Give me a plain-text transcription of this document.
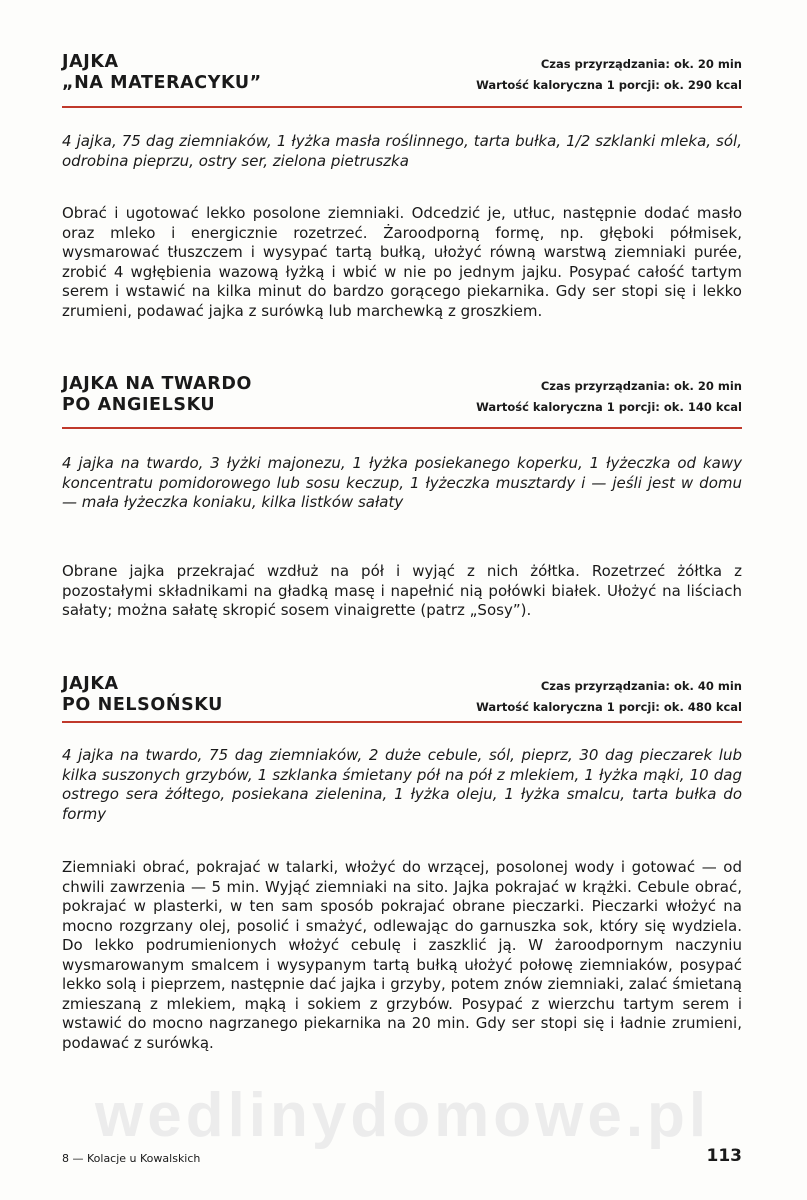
JAJKA
„NA MATERACYKU”
Czas przyrządzania: ok. 20 min
Wartość kaloryczna 1 porcji: ok. 290 kcal

4 jajka, 75 dag ziemniaków, 1 łyżka masła roślinnego, tarta bułka, 1/2 szklanki mleka, sól, odrobina pieprzu, ostry ser, zielona pietruszka

Obrać i ugotować lekko posolone ziemniaki. Odcedzić je, utłuc, następnie dodać masło oraz mleko i energicznie rozetrzeć. Żaroodporną formę, np. głęboki półmisek, wysmarować tłuszczem i wysypać tartą bułką, ułożyć równą warstwą ziemniaki purée, zrobić 4 wgłębienia wazową łyżką i wbić w nie po jednym jajku. Posypać całość tartym serem i wstawić na kilka minut do bardzo gorącego piekarnika. Gdy ser stopi się i lekko zrumieni, podawać jajka z surówką lub marchewką z groszkiem.

JAJKA NA TWARDO
PO ANGIELSKU
Czas przyrządzania: ok. 20 min
Wartość kaloryczna 1 porcji: ok. 140 kcal

4 jajka na twardo, 3 łyżki majonezu, 1 łyżka posiekanego koperku, 1 łyżeczka od kawy koncentratu pomidorowego lub sosu keczup, 1 łyżeczka musztardy i — jeśli jest w domu — mała łyżeczka koniaku, kilka listków sałaty

Obrane jajka przekrajać wzdłuż na pół i wyjąć z nich żółtka. Rozetrzeć żółtka z pozostałymi składnikami na gładką masę i napełnić nią połówki białek. Ułożyć na liściach sałaty; można sałatę skropić sosem vinaigrette (patrz „Sosy”).

JAJKA
PO NELSOŃSKU
Czas przyrządzania: ok. 40 min
Wartość kaloryczna 1 porcji: ok. 480 kcal

4 jajka na twardo, 75 dag ziemniaków, 2 duże cebule, sól, pieprz, 30 dag pieczarek lub kilka suszonych grzybów, 1 szklanka śmietany pół na pół z mlekiem, 1 łyżka mąki, 10 dag ostrego sera żółtego, posiekana zielenina, 1 łyżka oleju, 1 łyżka smalcu, tarta bułka do formy

Ziemniaki obrać, pokrajać w talarki, włożyć do wrzącej, posolonej wody i gotować — od chwili zawrzenia — 5 min. Wyjąć ziemniaki na sito. Jajka pokrajać w krążki. Cebule obrać, pokrajać w plasterki, w ten sam sposób pokrajać obrane pieczarki. Pieczarki włożyć na mocno rozgrzany olej, posolić i smażyć, odlewając do garnuszka sok, który się wydziela. Do lekko podrumienionych włożyć cebulę i zaszklić ją. W żaroodpornym naczyniu wysmarowanym smalcem i wysypanym tartą bułką ułożyć połowę ziemniaków, posypać lekko solą i pieprzem, następnie dać jajka i grzyby, potem znów ziemniaki, zalać śmietaną zmieszaną z mlekiem, mąką i sokiem z grzybów. Posypać z wierzchu tartym serem i wstawić do mocno nagrzanego piekarnika na 20 min. Gdy ser stopi się i ładnie zrumieni, podawać z surówką.

wedlinydomowe.pl
8 — Kolacje u Kowalskich	113
